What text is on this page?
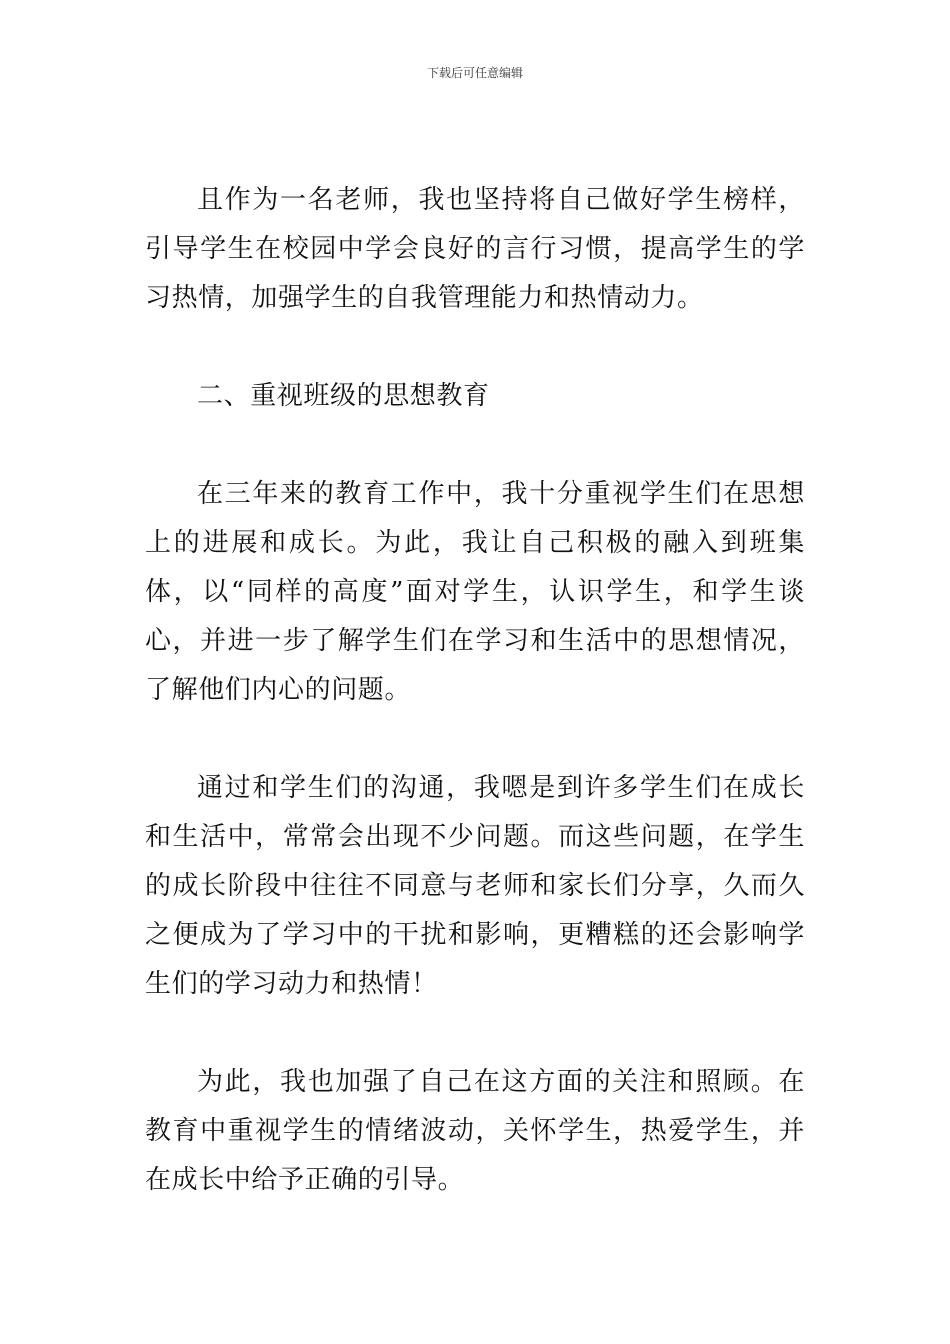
下载后可任意编辑

且作为一名老师，我也坚持将自己做好学生榜样，引导学生在校园中学会良好的言行习惯，提高学生的学习热情，加强学生的自我管理能力和热情动力。

二、重视班级的思想教育

在三年来的教育工作中，我十分重视学生们在思想上的进展和成长。为此，我让自己积极的融入到班集体，以“同样的高度”面对学生，认识学生，和学生谈心，并进一步了解学生们在学习和生活中的思想情况，了解他们内心的问题。

通过和学生们的沟通，我嗯是到许多学生们在成长和生活中，常常会出现不少问题。而这些问题，在学生的成长阶段中往往不同意与老师和家长们分享，久而久之便成为了学习中的干扰和影响，更糟糕的还会影响学生们的学习动力和热情！

为此，我也加强了自己在这方面的关注和照顾。在教育中重视学生的情绪波动，关怀学生，热爱学生，并在成长中给予正确的引导。
